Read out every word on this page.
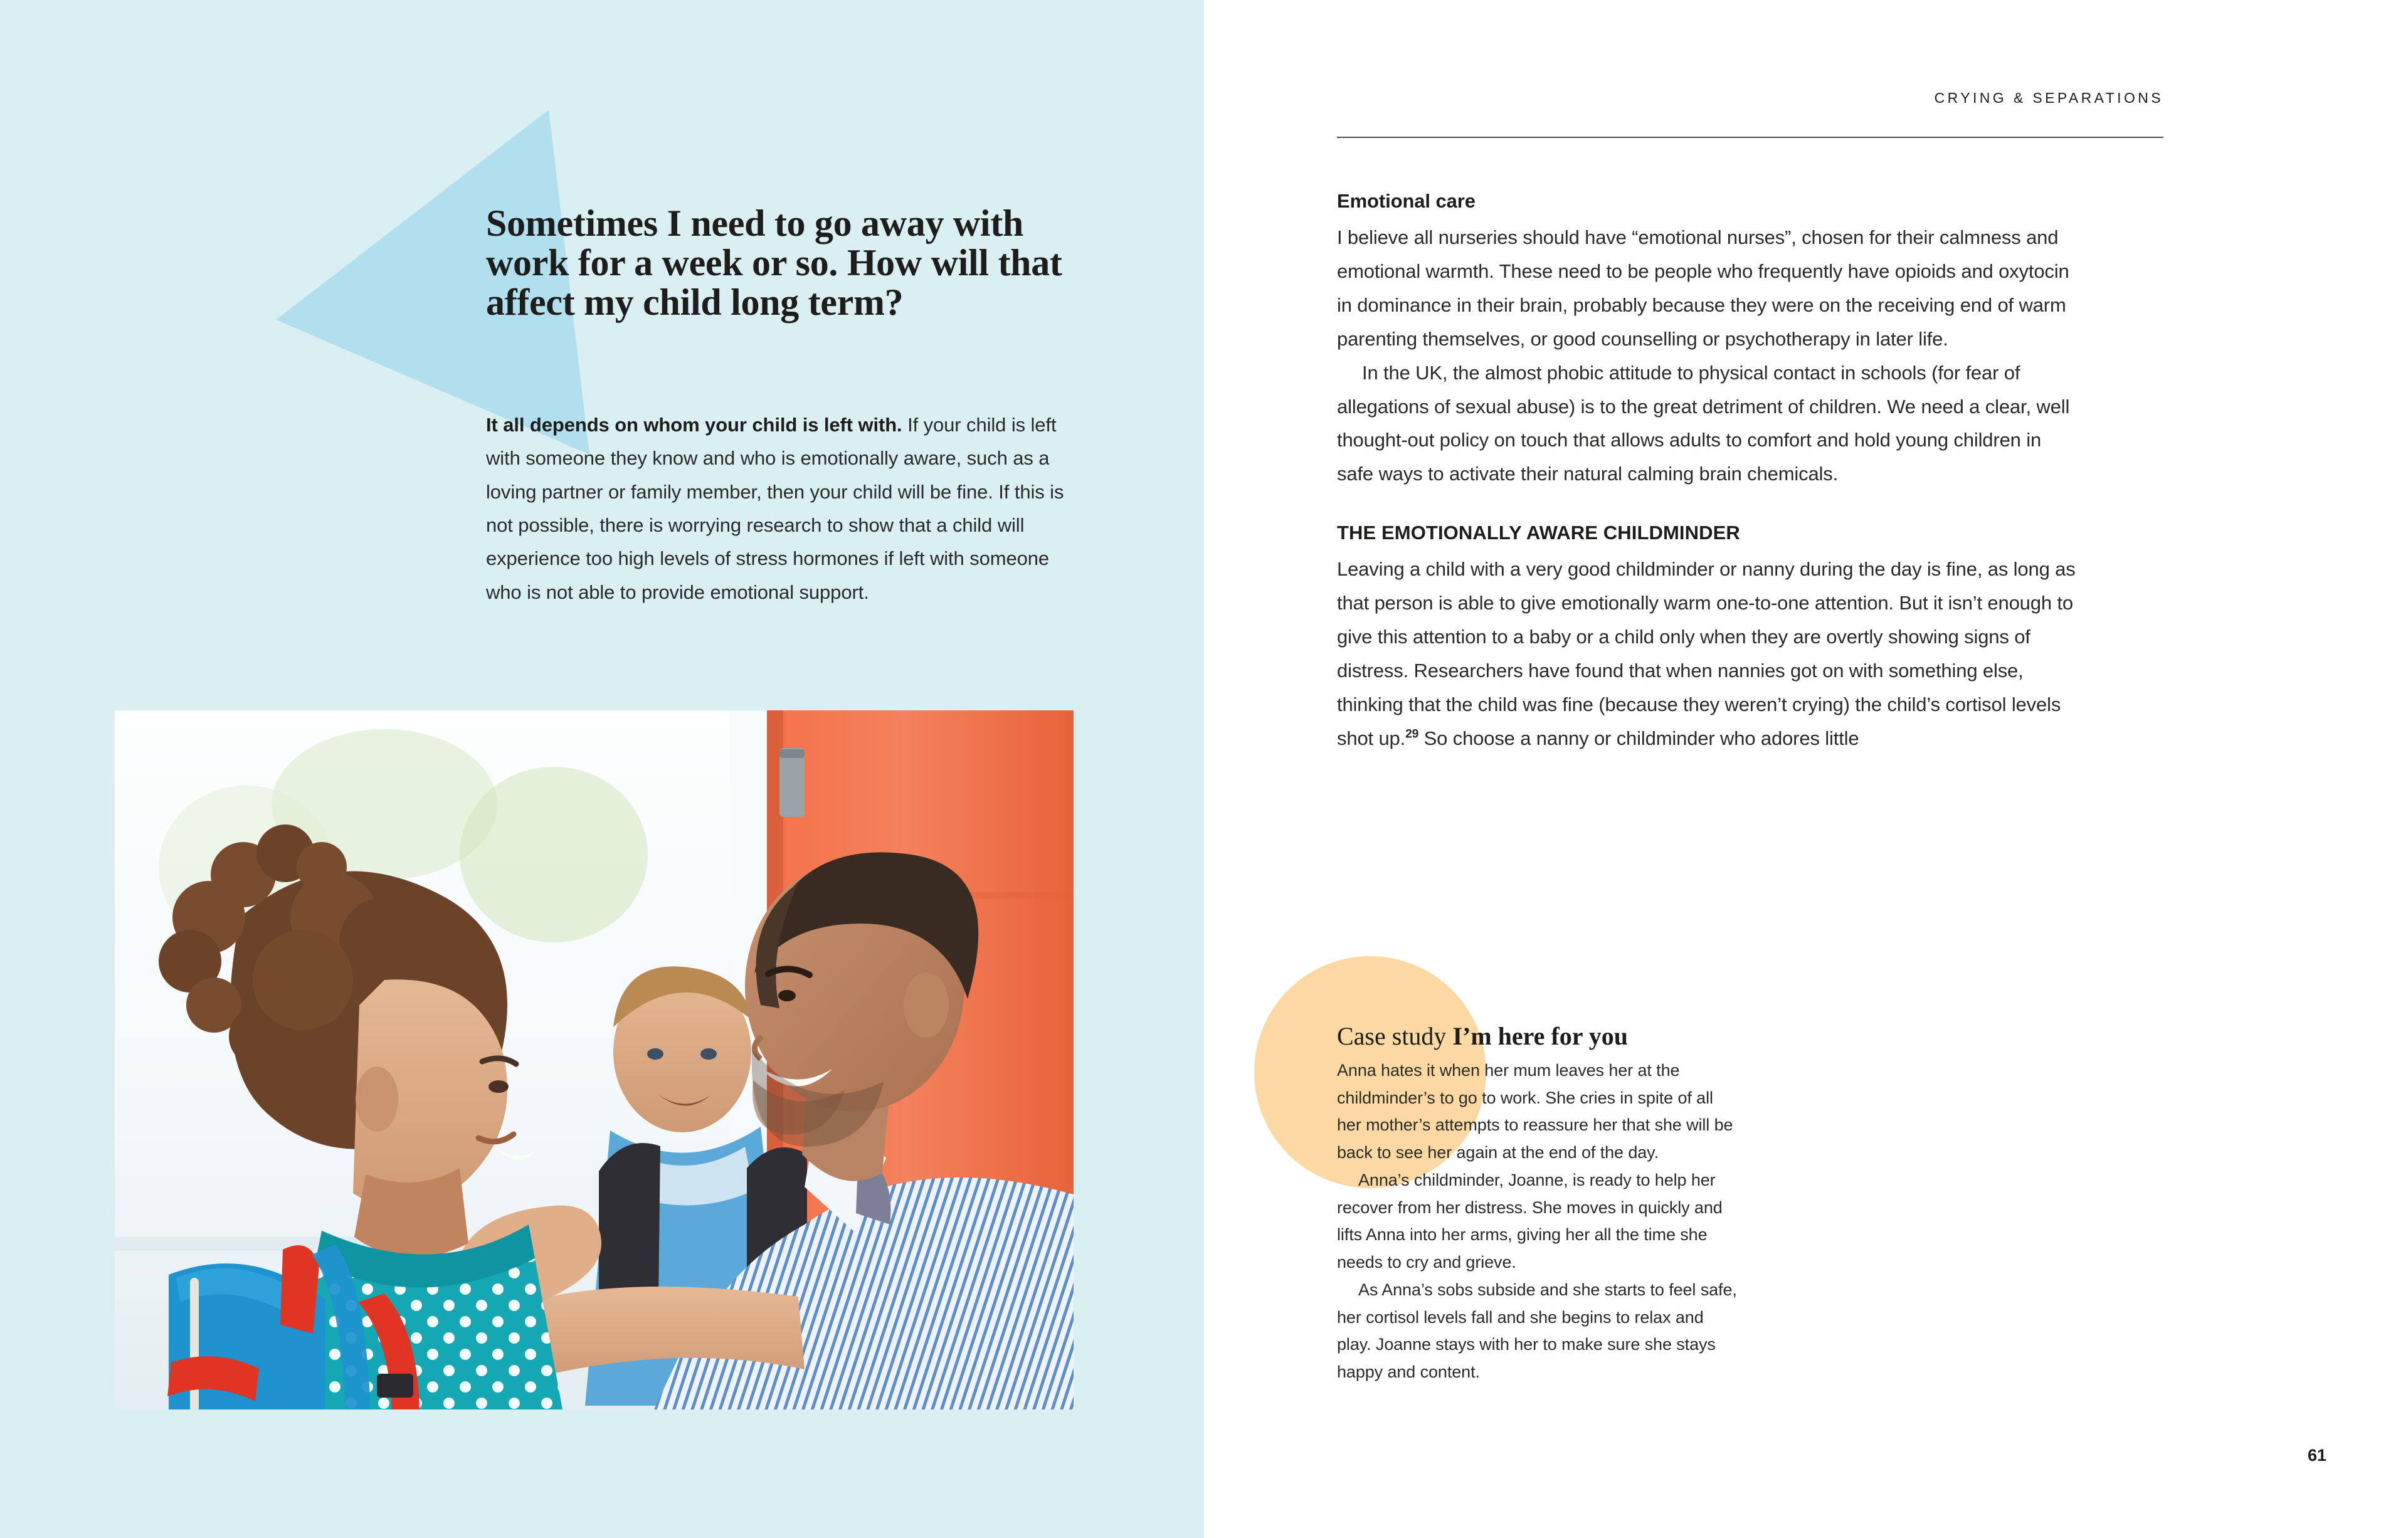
Sometimes I need to go away with work for a week or so. How will that affect my child long term?

It all depends on whom your child is left with. If your child is left with someone they know and who is emotionally aware, such as a loving partner or family member, then your child will be fine. If this is not possible, there is worrying research to show that a child will experience too high levels of stress hormones if left with someone who is not able to provide emotional support.

CRYING & SEPARATIONS
Emotional care

I believe all nurseries should have “emotional nurses”, chosen for their calmness and emotional warmth. These need to be people who frequently have opioids and oxytocin in dominance in their brain, probably because they were on the receiving end of warm parenting themselves, or good counselling or psychotherapy in later life.

In the UK, the almost phobic attitude to physical contact in schools (for fear of allegations of sexual abuse) is to the great detriment of children. We need a clear, well thought-out policy on touch that allows adults to comfort and hold young children in safe ways to activate their natural calming brain chemicals.

THE EMOTIONALLY AWARE CHILDMINDER

Leaving a child with a very good childminder or nanny during the day is fine, as long as that person is able to give emotionally warm one-to-one attention. But it isn’t enough to give this attention to a baby or a child only when they are overtly showing signs of distress. Researchers have found that when nannies got on with something else, thinking that the child was fine (because they weren’t crying) the child’s cortisol levels shot up.$^{29}$ So choose a nanny or childminder who adores little

Case study I’m here for you

Anna hates it when her mum leaves her at the childminder’s to go to work. She cries in spite of all her mother’s attempts to reassure her that she will be back to see her again at the end of the day.

Anna’s childminder, Joanne, is ready to help her recover from her distress. She moves in quickly and lifts Anna into her arms, giving her all the time she needs to cry and grieve.

As Anna’s sobs subside and she starts to feel safe, her cortisol levels fall and she begins to relax and play. Joanne stays with her to make sure she stays happy and content.

61
